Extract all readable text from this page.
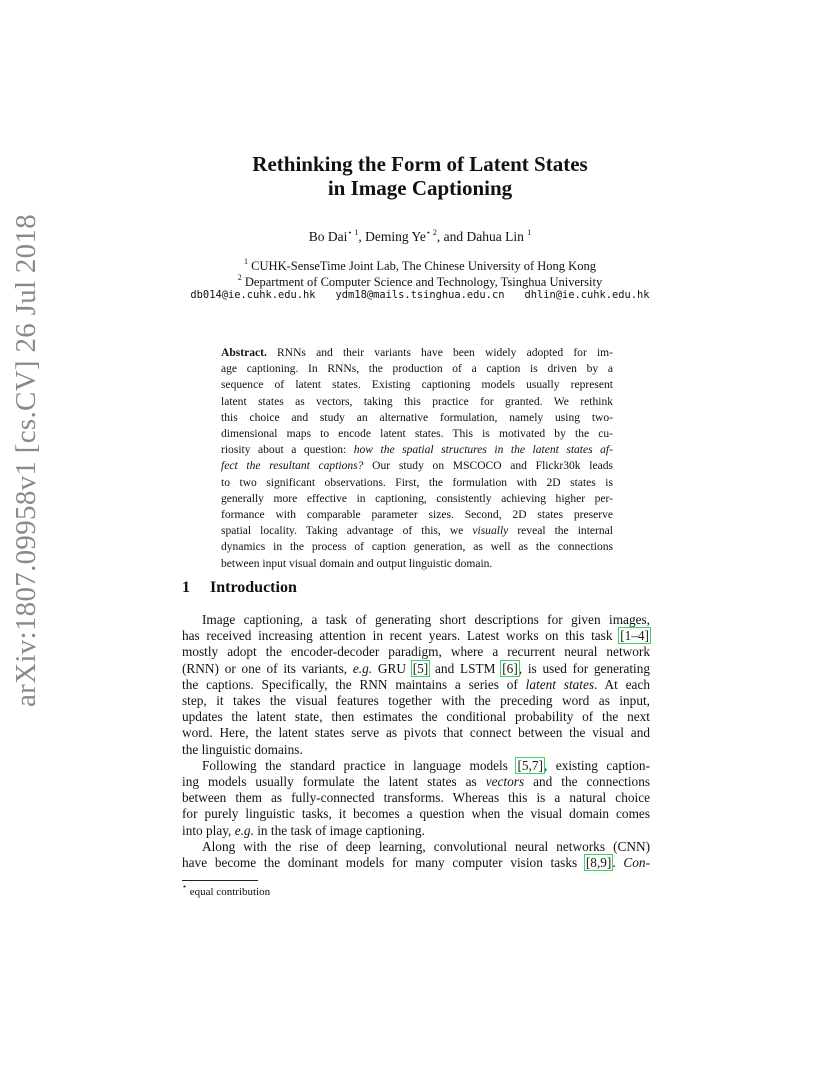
arXiv:1807.09958v1 [cs.CV] 26 Jul 2018
Rethinking the Form of Latent States
in Image Captioning
Bo Dai$^{⋆ 1}$, Deming $Ye^{⋆ 2}$, and Dahua Lin $^1$
$^1$ CUHK-SenseTime Joint Lab, The Chinese University of Hong Kong
$^2$ Department of Computer Science and Technology, Tsinghua University
db014@ie.cuhk.edu.hk ydm18@mails.tsinghua.edu.cn dhlin@ie.cuhk.edu.hk
Abstract. RNNs and their variants have been widely adopted for im-
age captioning. In RNNs, the production of a caption is driven by a
sequence of latent states. Existing captioning models usually represent
latent states as vectors, taking this practice for granted. We rethink
this choice and study an alternative formulation, namely using two-
dimensional maps to encode latent states. This is motivated by the cu-
riosity about a question: how the spatial structures in the latent states af-
fect the resultant captions? Our study on MSCOCO and Flickr30k leads
to two significant observations. First, the formulation with 2D states is
generally more effective in captioning, consistently achieving higher per-
formance with comparable parameter sizes. Second, 2D states preserve
spatial locality. Taking advantage of this, we visually reveal the internal
dynamics in the process of caption generation, as well as the connections
between input visual domain and output linguistic domain.
1 Introduction
Image captioning, a task of generating short descriptions for given images,
has received increasing attention in recent years. Latest works on this task [1–4]
mostly adopt the encoder-decoder paradigm, where a recurrent neural network
(RNN) or one of its variants, e.g. GRU [5] and LSTM [6], is used for generating
the captions. Specifically, the RNN maintains a series of latent states. At each
step, it takes the visual features together with the preceding word as input,
updates the latent state, then estimates the conditional probability of the next
word. Here, the latent states serve as pivots that connect between the visual and
the linguistic domains.
Following the standard practice in language models [5,7], existing caption-
ing models usually formulate the latent states as vectors and the connections
between them as fully-connected transforms. Whereas this is a natural choice
for purely linguistic tasks, it becomes a question when the visual domain comes
into play, e.g. in the task of image captioning.
Along with the rise of deep learning, convolutional neural networks (CNN)
have become the dominant models for many computer vision tasks [8,9]. Con-
⋆ equal contribution
